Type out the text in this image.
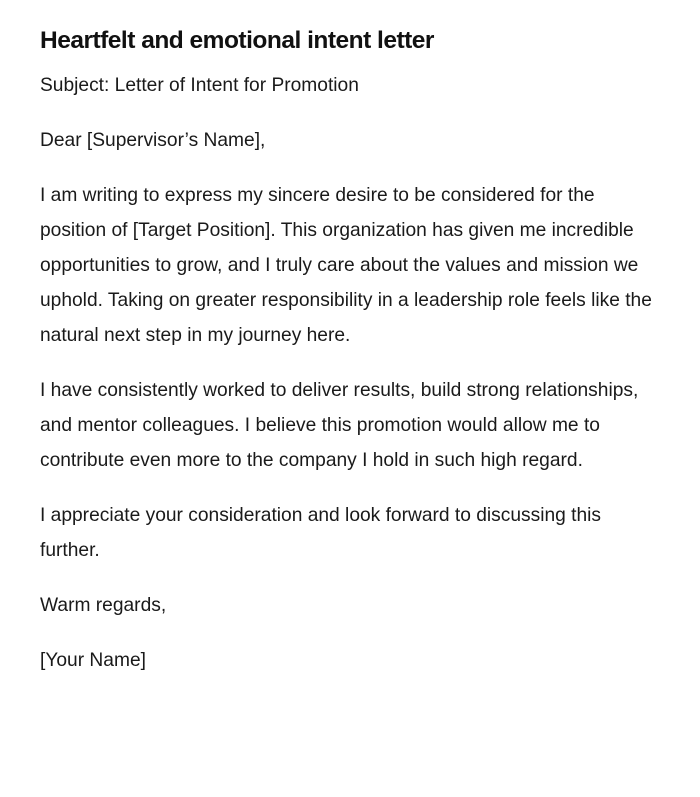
Heartfelt and emotional intent letter

Subject: Letter of Intent for Promotion

Dear [Supervisor’s Name],

I am writing to express my sincere desire to be considered for the position of [Target Position]. This organization has given me incredible opportunities to grow, and I truly care about the values and mission we uphold. Taking on greater responsibility in a leadership role feels like the natural next step in my journey here.

I have consistently worked to deliver results, build strong relationships, and mentor colleagues. I believe this promotion would allow me to contribute even more to the company I hold in such high regard.

I appreciate your consideration and look forward to discussing this further.

Warm regards,

[Your Name]
